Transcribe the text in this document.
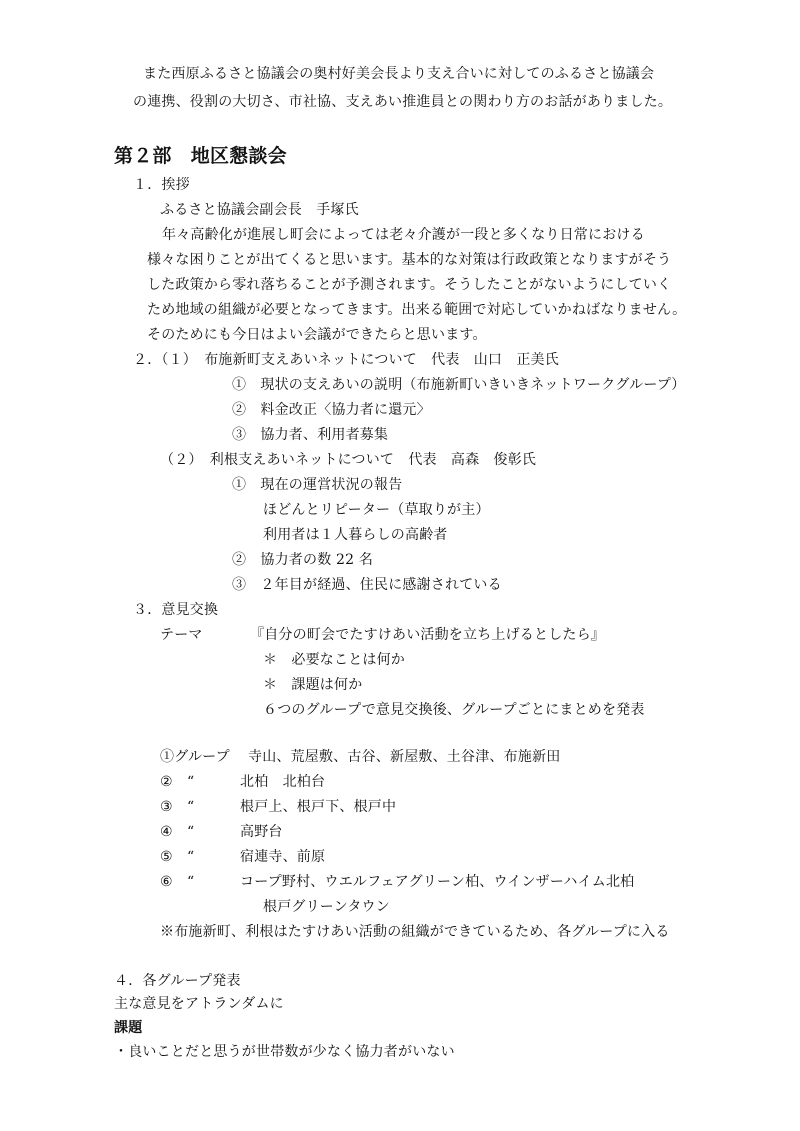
また西原ふるさと協議会の奥村好美会長より支え合いに対してのふるさと協議会
の連携、役割の大切さ、市社協、支えあい推進員との関わり方のお話がありました。
第２部　地区懇談会
１．挨拶
ふるさと協議会副会長　手塚氏
年々高齢化が進展し町会によっては老々介護が一段と多くなり日常における
様々な困りことが出てくると思います。基本的な対策は行政政策となりますがそう
した政策から零れ落ちることが予測されます。そうしたことがないようにしていく
ため地域の組織が必要となってきます。出来る範囲で対応していかねばなりません。
そのためにも今日はよい会議ができたらと思います。
２．（１）　布施新町支えあいネットについて　代表　山口　正美氏
①　現状の支えあいの説明（布施新町いきいきネットワークグループ）
②　料金改正〈協力者に還元〉
③　協力者、利用者募集
（２）　利根支えあいネットについて　代表　高森　俊彰氏
①　現在の運営状況の報告
ほどんとリピーター（草取りが主）
利用者は１人暮らしの高齢者
②　協力者の数 22 名
③　２年目が経過、住民に感謝されている
３．意見交換
テーマ	『自分の町会でたすけあい活動を立ち上げるとしたら』
＊　必要なことは何か
＊　課題は何か
６つのグループで意見交換後、グループごとにまとめを発表
①グループ 寺山、荒屋敷、古谷、新屋敷、土谷津、布施新田
②　“	北柏　北柏台
③　“	根戸上、根戸下、根戸中
④　“	高野台
⑤　“	宿連寺、前原
⑥　“	コープ野村、ウエルフェアグリーン柏、ウインザーハイム北柏
根戸グリーンタウン
※布施新町、利根はたすけあい活動の組織ができているため、各グループに入る
４．各グループ発表
主な意見をアトランダムに
課題
・良いことだと思うが世帯数が少なく協力者がいない
